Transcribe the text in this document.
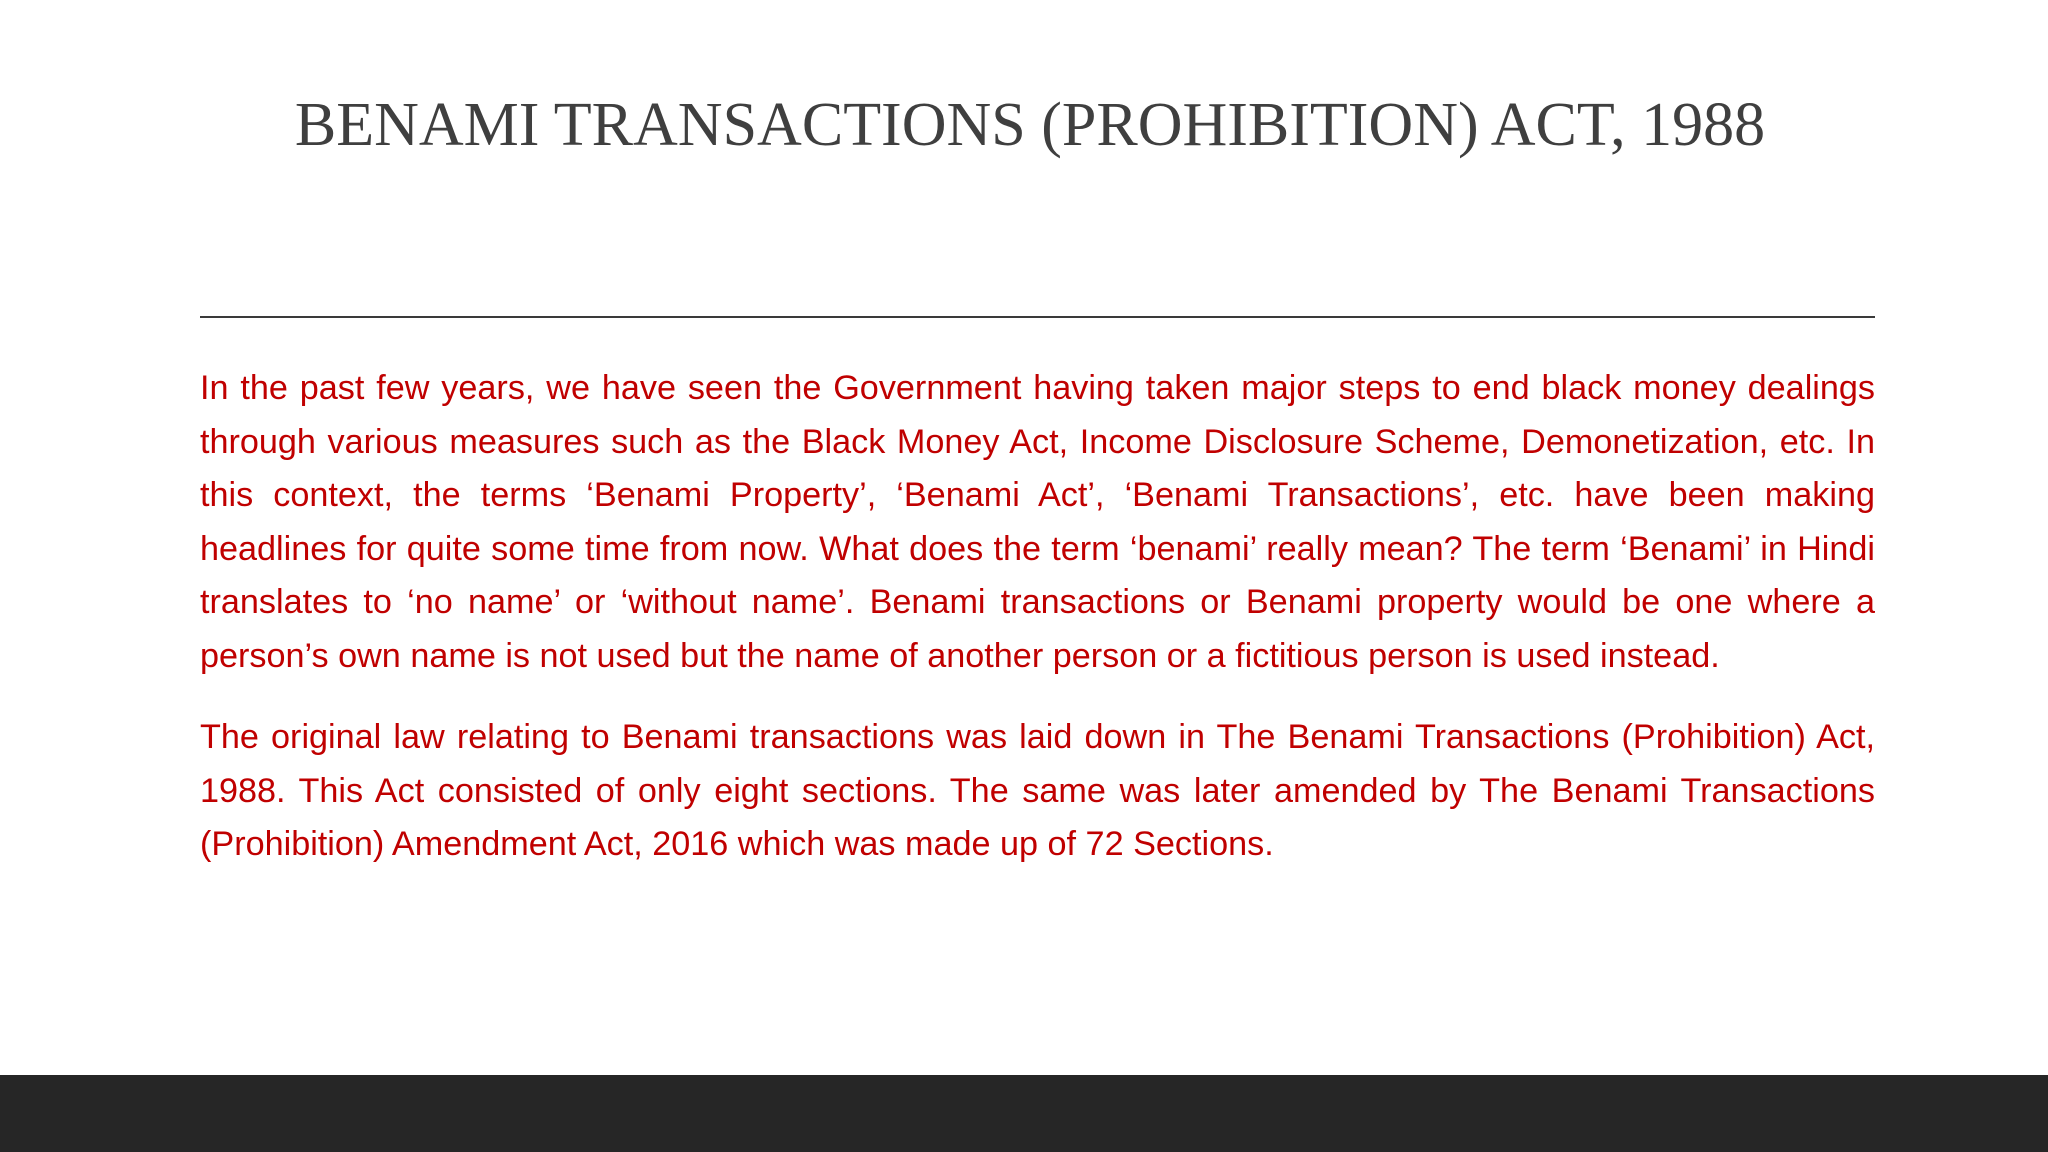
BENAMI TRANSACTIONS (PROHIBITION) ACT, 1988

In the past few years, we have seen the Government having taken major steps to end black money dealings through various measures such as the Black Money Act, Income Disclosure Scheme, Demonetization, etc. In this context, the terms ‘Benami Property’, ‘Benami Act’, ‘Benami Transactions’, etc. have been making headlines for quite some time from now. What does the term ‘benami’ really mean? The term ‘Benami’ in Hindi translates to ‘no name’ or ‘without name’. Benami transactions or Benami property would be one where a person’s own name is not used but the name of another person or a fictitious person is used instead.

The original law relating to Benami transactions was laid down in The Benami Transactions (Prohibition) Act, 1988. This Act consisted of only eight sections. The same was later amended by The Benami Transactions (Prohibition) Amendment Act, 2016 which was made up of 72 Sections.
